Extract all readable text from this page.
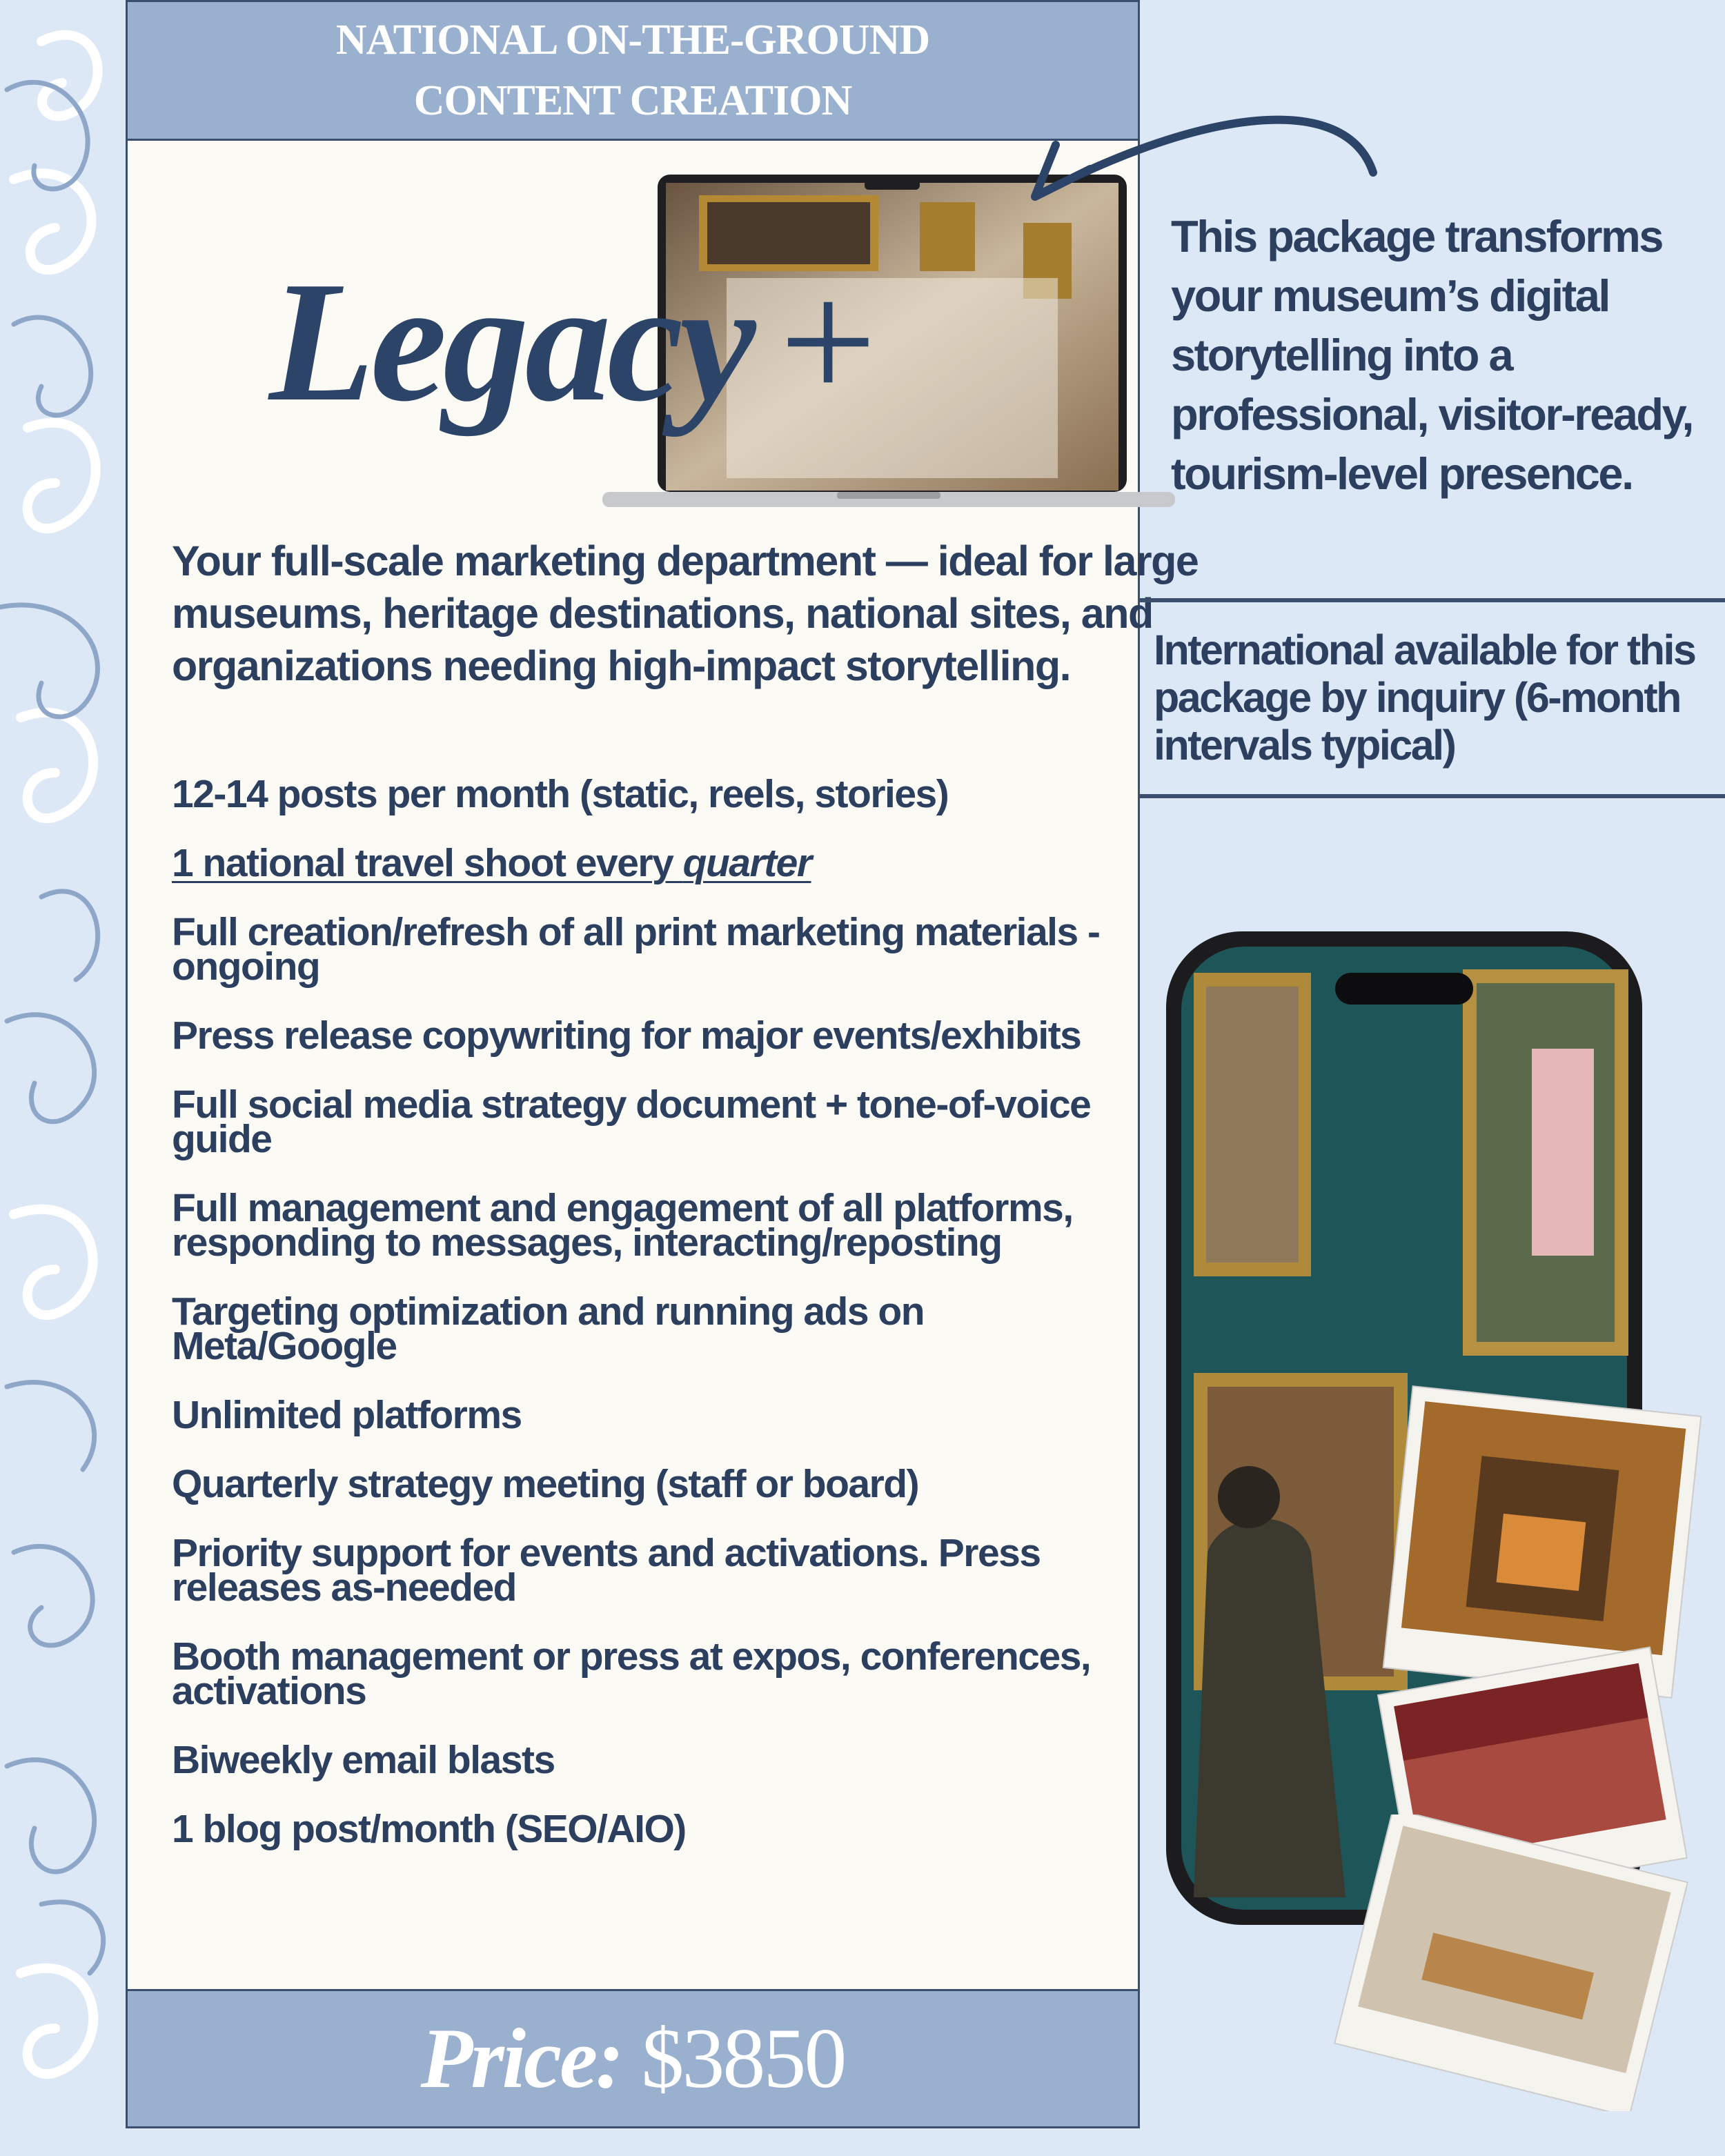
NATIONAL ON-THE-GROUND
CONTENT CREATION
Legacy +
Your full-scale marketing department — ideal for large museums, heritage destinations, national sites, and organizations needing high-impact storytelling.

12-14 posts per month (static, reels, stories)

1 national travel shoot every quarter

Full creation/refresh of all print marketing materials - ongoing

Press release copywriting for major events/exhibits

Full social media strategy document + tone-of-voice guide

Full management and engagement of all platforms, responding to messages, interacting/reposting

Targeting optimization and running ads on Meta/Google

Unlimited platforms

Quarterly strategy meeting (staff or board)

Priority support for events and activations. Press releases as-needed

Booth management or press at expos, conferences, activations

Biweekly email blasts

1 blog post/month (SEO/AIO)

Price: $3850
This package transforms your museum’s digital storytelling into a professional, visitor-ready, tourism-level presence.
International available for this package by inquiry (6-month intervals typical)
